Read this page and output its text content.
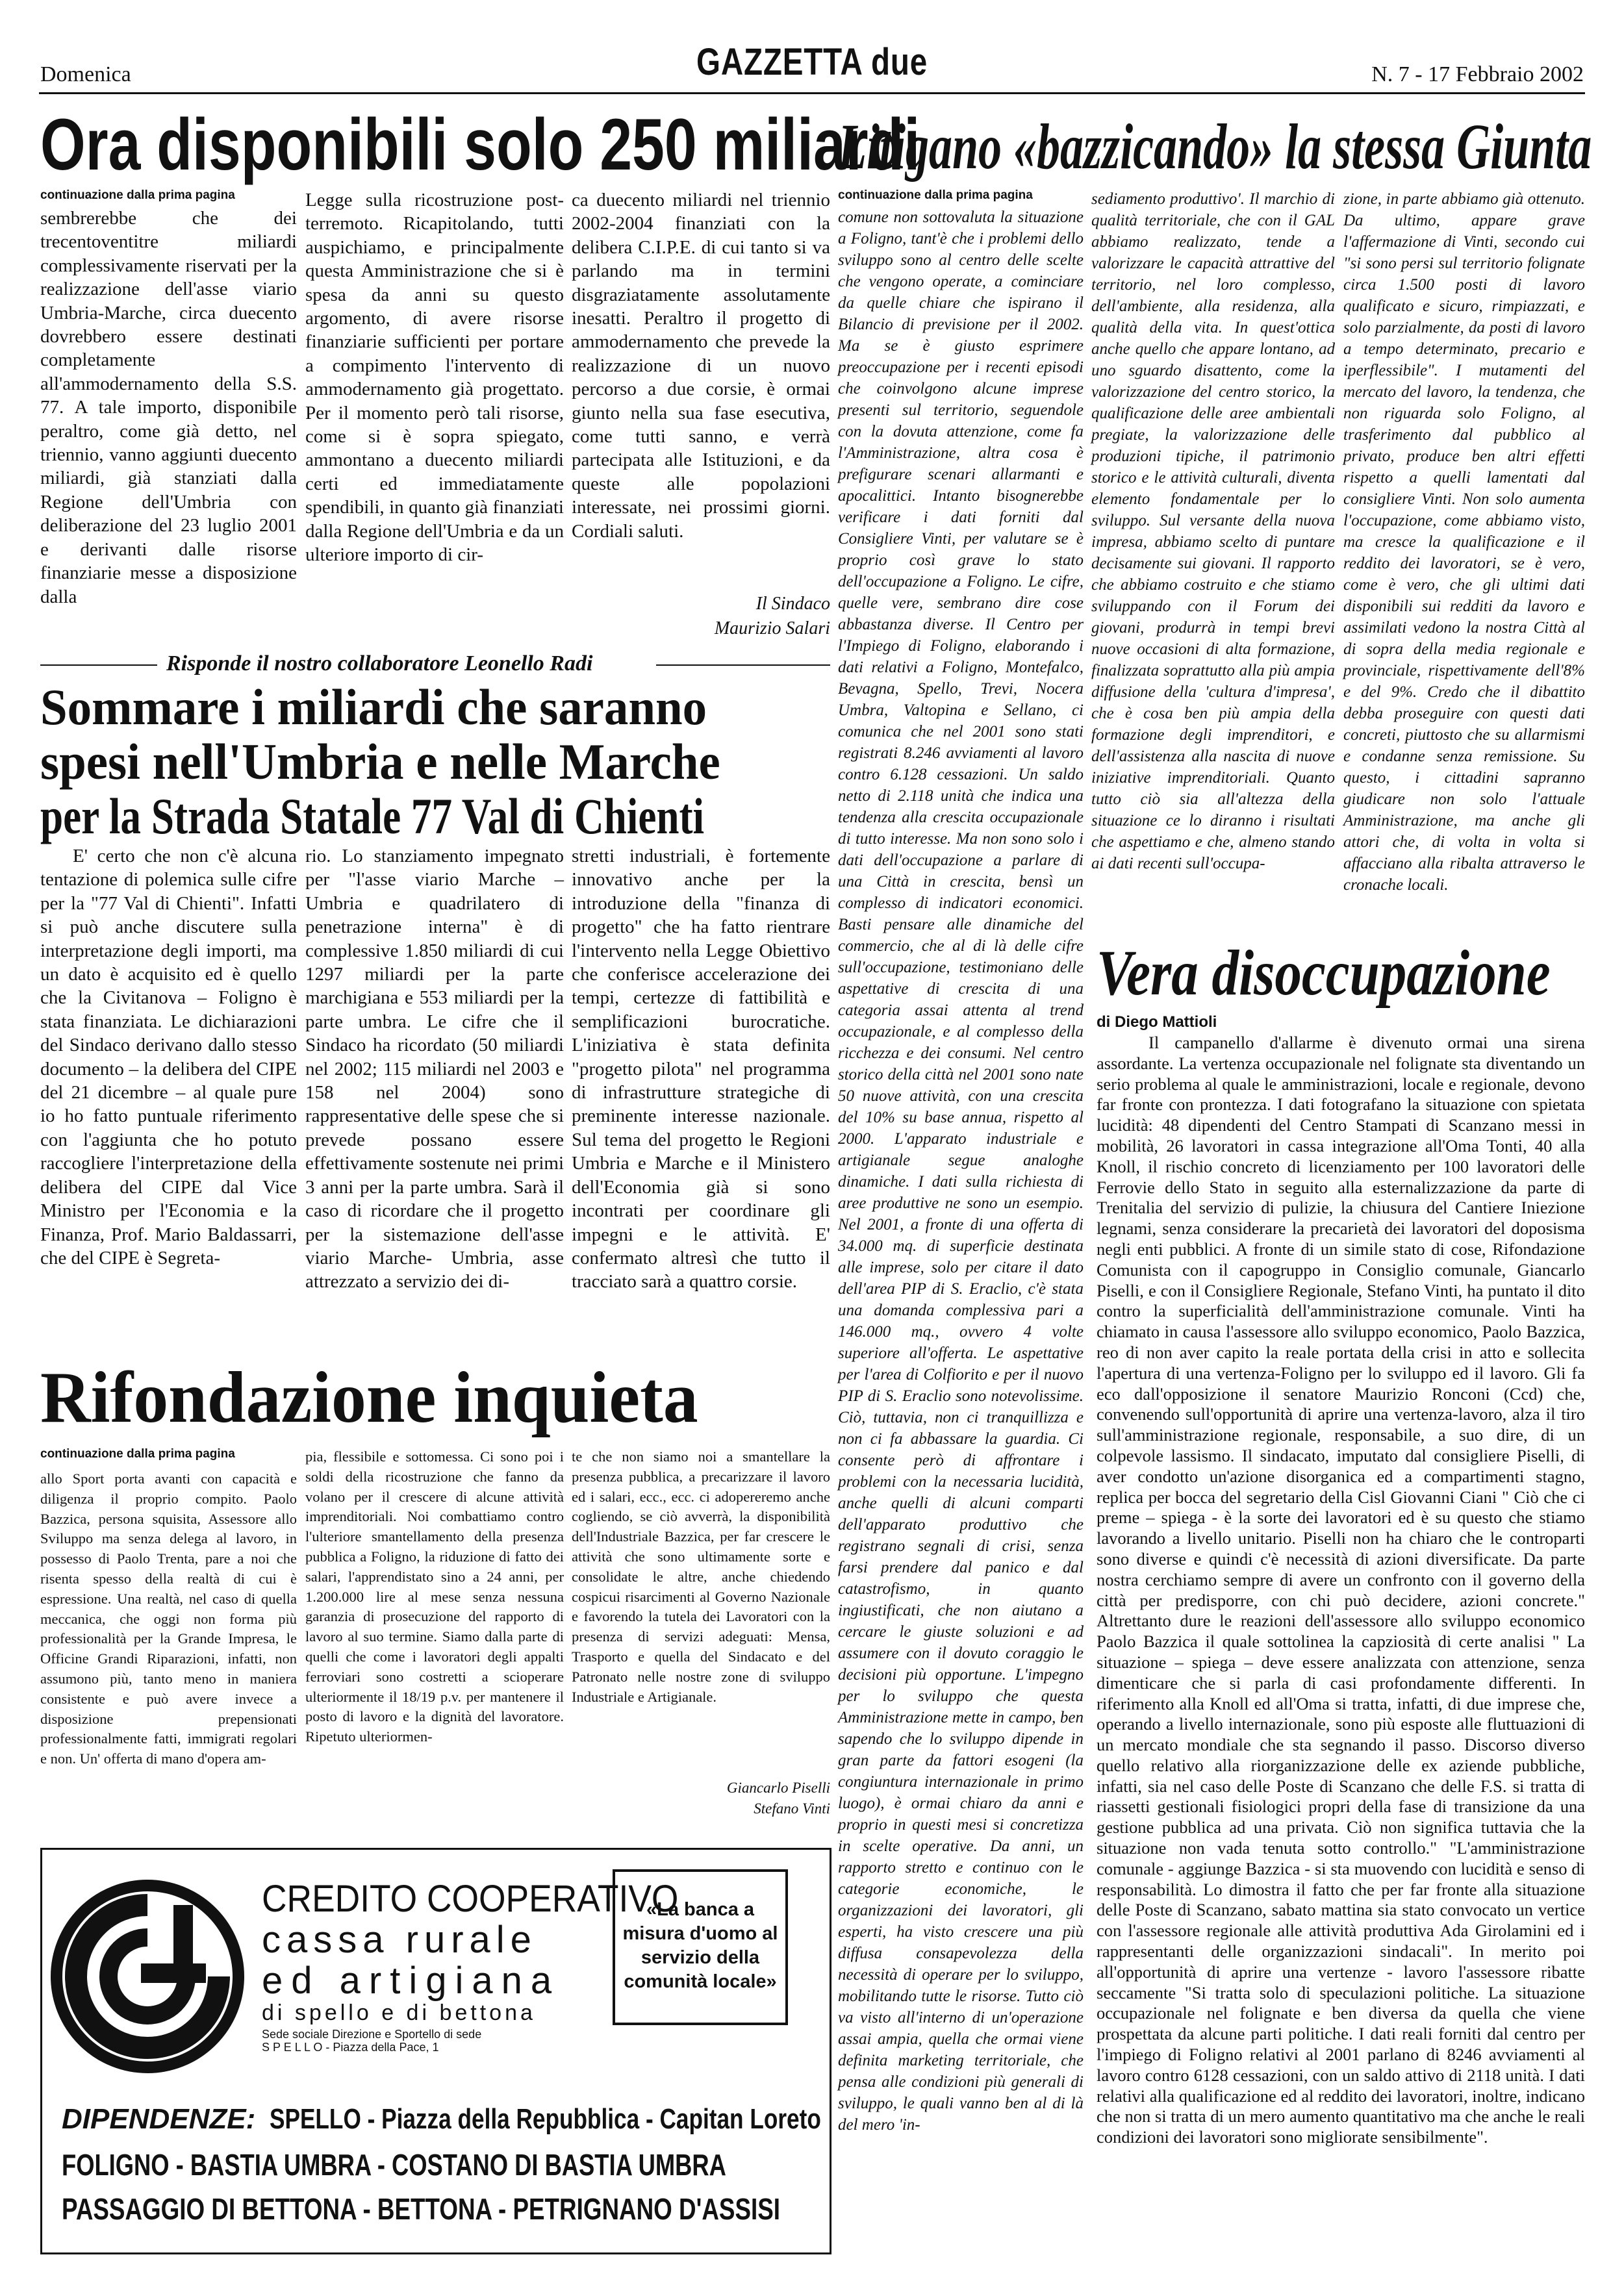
Domenica	GAZZETTA due	N. 7 - 17 Febbraio 2002
Ora disponibili solo 250 miliardi
continuazione dalla prima pagina
sembrerebbe che dei trecentoventitre miliardi complessivamente riservati per la realizzazione dell'asse viario Umbria-Marche, circa duecento dovrebbero essere destinati completamente all'ammodernamento della S.S. 77. A tale importo, disponibile peraltro, come già detto, nel triennio, vanno aggiunti duecento miliardi, già stanziati dalla Regione dell'Umbria con deliberazione del 23 luglio 2001 e derivanti dalle risorse finanziarie messe a disposizione dalla
Legge sulla ricostruzione post-terremoto. Ricapitolando, tutti auspichiamo, e principalmente questa Amministrazione che si è spesa da anni su questo argomento, di avere risorse finanziarie sufficienti per portare a compimento l'intervento di ammodernamento già progettato. Per il momento però tali risorse, come si è sopra spiegato, ammontano a duecento miliardi certi ed immediatamente spendibili, in quanto già finanziati dalla Regione dell'Umbria e da un ulteriore importo di cir-
ca duecento miliardi nel triennio 2002-2004 finanziati con la delibera C.I.P.E. di cui tanto si va parlando ma in termini disgraziatamente assolutamente inesatti. Peraltro il progetto di ammodernamento che prevede la realizzazione di un nuovo percorso a due corsie, è ormai giunto nella sua fase esecutiva, come tutti sanno, e verrà partecipata alle Istituzioni, e da queste alle popolazioni interessate, nei prossimi giorni. Cordiali saluti.
Il Sindaco
Maurizio Salari
Risponde il nostro collaboratore Leonello Radi
Sommare i miliardi che saranno
spesi nell'Umbria e nelle Marche
per la Strada Statale 77 Val di Chienti
E' certo che non c'è alcuna tentazione di polemica sulle cifre per la "77 Val di Chienti". Infatti si può anche discutere sulla interpretazione degli importi, ma un dato è acquisito ed è quello che la Civitanova – Foligno è stata finanziata. Le dichiarazioni del Sindaco derivano dallo stesso documento – la delibera del CIPE del 21 dicembre – al quale pure io ho fatto puntuale riferimento con l'aggiunta che ho potuto raccogliere l'interpretazione della delibera del CIPE dal Vice Ministro per l'Economia e la Finanza, Prof. Mario Baldassarri, che del CIPE è Segreta-
rio. Lo stanziamento impegnato per "l'asse viario Marche – Umbria e quadrilatero di penetrazione interna" è di complessive 1.850 miliardi di cui 1297 miliardi per la parte marchigiana e 553 miliardi per la parte umbra. Le cifre che il Sindaco ha ricordato (50 miliardi nel 2002; 115 miliardi nel 2003 e 158 nel 2004) sono rappresentative delle spese che si prevede possano essere effettivamente sostenute nei primi 3 anni per la parte umbra. Sarà il caso di ricordare che il progetto per la sistemazione dell'asse viario Marche- Umbria, asse attrezzato a servizio dei di-
stretti industriali, è fortemente innovativo anche per la introduzione della "finanza di progetto" che ha fatto rientrare l'intervento nella Legge Obiettivo che conferisce accelerazione dei tempi, certezze di fattibilità e semplificazioni burocratiche. L'iniziativa è stata definita "progetto pilota" nel programma di infrastrutture strategiche di preminente interesse nazionale. Sul tema del progetto le Regioni Umbria e Marche e il Ministero dell'Economia già si sono incontrati per coordinare gli impegni e le attività. E' confermato altresì che tutto il tracciato sarà a quattro corsie.
Rifondazione inquieta
continuazione dalla prima pagina
allo Sport porta avanti con capacità e diligenza il proprio compito. Paolo Bazzica, persona squisita, Assessore allo Sviluppo ma senza delega al lavoro, in possesso di Paolo Trenta, pare a noi che risenta spesso della realtà di cui è espressione. Una realtà, nel caso di quella meccanica, che oggi non forma più professionalità per la Grande Impresa, le Officine Grandi Riparazioni, infatti, non assumono più, tanto meno in maniera consistente e può avere invece a disposizione prepensionati professionalmente fatti, immigrati regolari e non. Un' offerta di mano d'opera am-
pia, flessibile e sottomessa. Ci sono poi i soldi della ricostruzione che fanno da volano per il crescere di alcune attività imprenditoriali. Noi combattiamo contro l'ulteriore smantellamento della presenza pubblica a Foligno, la riduzione di fatto dei salari, l'apprendistato sino a 24 anni, per 1.200.000 lire al mese senza nessuna garanzia di prosecuzione del rapporto di lavoro al suo termine. Siamo dalla parte di quelli che come i lavoratori degli appalti ferroviari sono costretti a scioperare ulteriormente il 18/19 p.v. per mantenere il posto di lavoro e la dignità del lavoratore. Ripetuto ulteriormen-
te che non siamo noi a smantellare la presenza pubblica, a precarizzare il lavoro ed i salari, ecc., ecc. ci adopereremo anche cogliendo, se ciò avverrà, la disponibilità dell'Industriale Bazzica, per far crescere le attività che sono ultimamente sorte e consolidate le altre, anche chiedendo cospicui risarcimenti al Governo Nazionale e favorendo la tutela dei Lavoratori con la presenza di servizi adeguati: Mensa, Trasporto e quella del Sindacato e del Patronato nelle nostre zone di sviluppo Industriale e Artigianale.
Giancarlo Piselli
Stefano Vinti
CREDITO COOPERATIVO
cassa rurale
ed artigiana
di spello e di bettona
Sede sociale Direzione e Sportello di sede
S P E L L O - Piazza della Pace, 1
«La banca a misura d'uomo al servizio della comunità locale»
DIPENDENZE: SPELLO - Piazza della Repubblica - Capitan Loreto
FOLIGNO - BASTIA UMBRA - COSTANO DI BASTIA UMBRA
PASSAGGIO DI BETTONA - BETTONA - PETRIGNANO D'ASSISI
Litigano «bazzicando» la stessa Giunta
continuazione dalla prima pagina
comune non sottovaluta la situazione a Foligno, tant'è che i problemi dello sviluppo sono al centro delle scelte che vengono operate, a cominciare da quelle chiare che ispirano il Bilancio di previsione per il 2002. Ma se è giusto esprimere preoccupazione per i recenti episodi che coinvolgono alcune imprese presenti sul territorio, seguendole con la dovuta attenzione, come fa l'Amministrazione, altra cosa è prefigurare scenari allarmanti e apocalittici. Intanto bisognerebbe verificare i dati forniti dal Consigliere Vinti, per valutare se è proprio così grave lo stato dell'occupazione a Foligno. Le cifre, quelle vere, sembrano dire cose abbastanza diverse. Il Centro per l'Impiego di Foligno, elaborando i dati relativi a Foligno, Montefalco, Bevagna, Spello, Trevi, Nocera Umbra, Valtopina e Sellano, ci comunica che nel 2001 sono stati registrati 8.246 avviamenti al lavoro contro 6.128 cessazioni. Un saldo netto di 2.118 unità che indica una tendenza alla crescita occupazionale di tutto interesse. Ma non sono solo i dati dell'occupazione a parlare di una Città in crescita, bensì un complesso di indicatori economici. Basti pensare alle dinamiche del commercio, che al di là delle cifre sull'occupazione, testimoniano delle aspettative di crescita di una categoria assai attenta al trend occupazionale, e al complesso della ricchezza e dei consumi. Nel centro storico della città nel 2001 sono nate 50 nuove attività, con una crescita del 10% su base annua, rispetto al 2000. L'apparato industriale e artigianale segue analoghe dinamiche. I dati sulla richiesta di aree produttive ne sono un esempio. Nel 2001, a fronte di una offerta di 34.000 mq. di superficie destinata alle imprese, solo per citare il dato dell'area PIP di S. Eraclio, c'è stata una domanda complessiva pari a 146.000 mq., ovvero 4 volte superiore all'offerta. Le aspettative per l'area di Colfiorito e per il nuovo PIP di S. Eraclio sono notevolissime. Ciò, tuttavia, non ci tranquillizza e non ci fa abbassare la guardia. Ci consente però di affrontare i problemi con la necessaria lucidità, anche quelli di alcuni comparti dell'apparato produttivo che registrano segnali di crisi, senza farsi prendere dal panico e dal catastrofismo, in quanto ingiustificati, che non aiutano a cercare le giuste soluzioni e ad assumere con il dovuto coraggio le decisioni più opportune. L'impegno per lo sviluppo che questa Amministrazione mette in campo, ben sapendo che lo sviluppo dipende in gran parte da fattori esogeni (la congiuntura internazionale in primo luogo), è ormai chiaro da anni e proprio in questi mesi si concretizza in scelte operative. Da anni, un rapporto stretto e continuo con le categorie economiche, le organizzazioni dei lavoratori, gli esperti, ha visto crescere una più diffusa consapevolezza della necessità di operare per lo sviluppo, mobilitando tutte le risorse. Tutto ciò va visto all'interno di un'operazione assai ampia, quella che ormai viene definita marketing territoriale, che pensa alle condizioni più generali di sviluppo, le quali vanno ben al di là del mero 'in-
sediamento produttivo'. Il marchio di qualità territoriale, che con il GAL abbiamo realizzato, tende a valorizzare le capacità attrattive del territorio, nel loro complesso, dell'ambiente, alla residenza, alla qualità della vita. In quest'ottica anche quello che appare lontano, ad uno sguardo disattento, come la valorizzazione del centro storico, la qualificazione delle aree ambientali pregiate, la valorizzazione delle produzioni tipiche, il patrimonio storico e le attività culturali, diventa elemento fondamentale per lo sviluppo. Sul versante della nuova impresa, abbiamo scelto di puntare decisamente sui giovani. Il rapporto che abbiamo costruito e che stiamo sviluppando con il Forum dei giovani, produrrà in tempi brevi nuove occasioni di alta formazione, finalizzata soprattutto alla più ampia diffusione della 'cultura d'impresa', che è cosa ben più ampia della formazione degli imprenditori, e dell'assistenza alla nascita di nuove iniziative imprenditoriali. Quanto tutto ciò sia all'altezza della situazione ce lo diranno i risultati che aspettiamo e che, almeno stando ai dati recenti sull'occupa-
zione, in parte abbiamo già ottenuto. Da ultimo, appare grave l'affermazione di Vinti, secondo cui "si sono persi sul territorio folignate circa 1.500 posti di lavoro qualificato e sicuro, rimpiazzati, e solo parzialmente, da posti di lavoro a tempo determinato, precario e iperflessibile". I mutamenti del mercato del lavoro, la tendenza, che non riguarda solo Foligno, al trasferimento dal pubblico al privato, produce ben altri effetti rispetto a quelli lamentati dal consigliere Vinti. Non solo aumenta l'occupazione, come abbiamo visto, ma cresce la qualificazione e il reddito dei lavoratori, se è vero, come è vero, che gli ultimi dati disponibili sui redditi da lavoro e assimilati vedono la nostra Città al di sopra della media regionale e provinciale, rispettivamente dell'8% e del 9%. Credo che il dibattito debba proseguire con questi dati concreti, piuttosto che su allarmismi e condanne senza remissione. Su questo, i cittadini sapranno giudicare non solo l'attuale Amministrazione, ma anche gli attori che, di volta in volta si affacciano alla ribalta attraverso le cronache locali.
Vera disoccupazione
di Diego Mattioli
Il campanello d'allarme è divenuto ormai una sirena assordante. La vertenza occupazionale nel folignate sta diventando un serio problema al quale le amministrazioni, locale e regionale, devono far fronte con prontezza. I dati fotografano la situazione con spietata lucidità: 48 dipendenti del Centro Stampati di Scanzano messi in mobilità, 26 lavoratori in cassa integrazione all'Oma Tonti, 40 alla Knoll, il rischio concreto di licenziamento per 100 lavoratori delle Ferrovie dello Stato in seguito alla esternalizzazione da parte di Trenitalia del servizio di pulizie, la chiusura del Cantiere Iniezione legnami, senza considerare la precarietà dei lavoratori del doposisma negli enti pubblici. A fronte di un simile stato di cose, Rifondazione Comunista con il capogruppo in Consiglio comunale, Giancarlo Piselli, e con il Consigliere Regionale, Stefano Vinti, ha puntato il dito contro la superficialità dell'amministrazione comunale. Vinti ha chiamato in causa l'assessore allo sviluppo economico, Paolo Bazzica, reo di non aver capito la reale portata della crisi in atto e sollecita l'apertura di una vertenza-Foligno per lo sviluppo ed il lavoro. Gli fa eco dall'opposizione il senatore Maurizio Ronconi (Ccd) che, convenendo sull'opportunità di aprire una vertenza-lavoro, alza il tiro sull'amministrazione regionale, responsabile, a suo dire, di un colpevole lassismo. Il sindacato, imputato dal consigliere Piselli, di aver condotto un'azione disorganica ed a compartimenti stagno, replica per bocca del segretario della Cisl Giovanni Ciani " Ciò che ci preme – spiega - è la sorte dei lavoratori ed è su questo che stiamo lavorando a livello unitario. Piselli non ha chiaro che le controparti sono diverse e quindi c'è necessità di azioni diversificate. Da parte nostra cerchiamo sempre di avere un confronto con il governo della città per predisporre, con chi può decidere, azioni concrete." Altrettanto dure le reazioni dell'assessore allo sviluppo economico Paolo Bazzica il quale sottolinea la capziosità di certe analisi " La situazione – spiega – deve essere analizzata con attenzione, senza dimenticare che si parla di casi profondamente differenti. In riferimento alla Knoll ed all'Oma si tratta, infatti, di due imprese che, operando a livello internazionale, sono più esposte alle fluttuazioni di un mercato mondiale che sta segnando il passo. Discorso diverso quello relativo alla riorganizzazione delle ex aziende pubbliche, infatti, sia nel caso delle Poste di Scanzano che delle F.S. si tratta di riassetti gestionali fisiologici propri della fase di transizione da una gestione pubblica ad una privata. Ciò non significa tuttavia che la situazione non vada tenuta sotto controllo." "L'amministrazione comunale - aggiunge Bazzica - si sta muovendo con lucidità e senso di responsabilità. Lo dimostra il fatto che per far fronte alla situazione delle Poste di Scanzano, sabato mattina sia stato convocato un vertice con l'assessore regionale alle attività produttiva Ada Girolamini ed i rappresentanti delle organizzazioni sindacali". In merito poi all'opportunità di aprire una vertenze - lavoro l'assessore ribatte seccamente "Si tratta solo di speculazioni politiche. La situazione occupazionale nel folignate e ben diversa da quella che viene prospettata da alcune parti politiche. I dati reali forniti dal centro per l'impiego di Foligno relativi al 2001 parlano di 8246 avviamenti al lavoro contro 6128 cessazioni, con un saldo attivo di 2118 unità. I dati relativi alla qualificazione ed al reddito dei lavoratori, inoltre, indicano che non si tratta di un mero aumento quantitativo ma che anche le reali condizioni dei lavoratori sono migliorate sensibilmente".
